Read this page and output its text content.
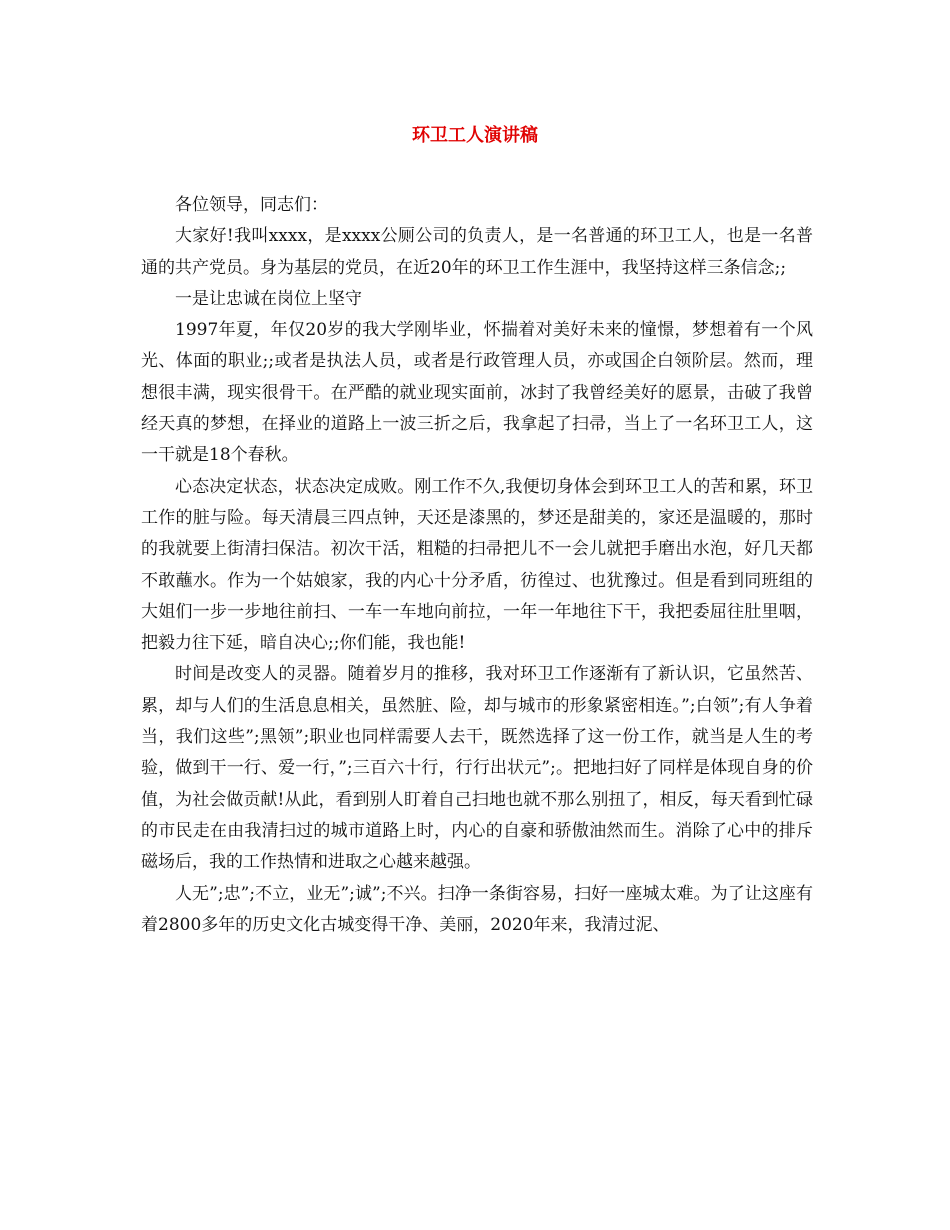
环卫工人演讲稿

各位领导，同志们：

大家好!我叫xxxx，是xxxx公厕公司的负责人，是一名普通的环卫工人，也是一名普通的共产党员。身为基层的党员，在近20年的环卫工作生涯中，我坚持这样三条信念;;

一是让忠诚在岗位上坚守

1997年夏，年仅20岁的我大学刚毕业，怀揣着对美好未来的憧憬，梦想着有一个风光、体面的职业;;或者是执法人员，或者是行政管理人员，亦或国企白领阶层。然而，理想很丰满，现实很骨干。在严酷的就业现实面前，冰封了我曾经美好的愿景，击破了我曾经天真的梦想，在择业的道路上一波三折之后，我拿起了扫帚，当上了一名环卫工人，这一干就是18个春秋。

心态决定状态，状态决定成败。刚工作不久,我便切身体会到环卫工人的苦和累，环卫工作的脏与险。每天清晨三四点钟，天还是漆黑的，梦还是甜美的，家还是温暖的，那时的我就要上街清扫保洁。初次干活，粗糙的扫帚把儿不一会儿就把手磨出水泡，好几天都不敢蘸水。作为一个姑娘家，我的内心十分矛盾，彷徨过、也犹豫过。但是看到同班组的大姐们一步一步地往前扫、一车一车地向前拉，一年一年地往下干，我把委屈往肚里咽，把毅力往下延，暗自决心;;你们能，我也能!

时间是改变人的灵器。随着岁月的推移，我对环卫工作逐渐有了新认识，它虽然苦、累，却与人们的生活息息相关，虽然脏、险，却与城市的形象紧密相连。”;白领”;有人争着当，我们这些”;黑领”;职业也同样需要人去干，既然选择了这一份工作，就当是人生的考验，做到干一行、爱一行，”;三百六十行，行行出状元”;。把地扫好了同样是体现自身的价值，为社会做贡献!从此，看到别人盯着自己扫地也就不那么别扭了，相反，每天看到忙碌的市民走在由我清扫过的城市道路上时，内心的自豪和骄傲油然而生。消除了心中的排斥磁场后，我的工作热情和进取之心越来越强。

人无”;忠”;不立，业无”;诚”;不兴。扫净一条街容易，扫好一座城太难。为了让这座有着2800多年的历史文化古城变得干净、美丽，2020年来，我清过泥、
